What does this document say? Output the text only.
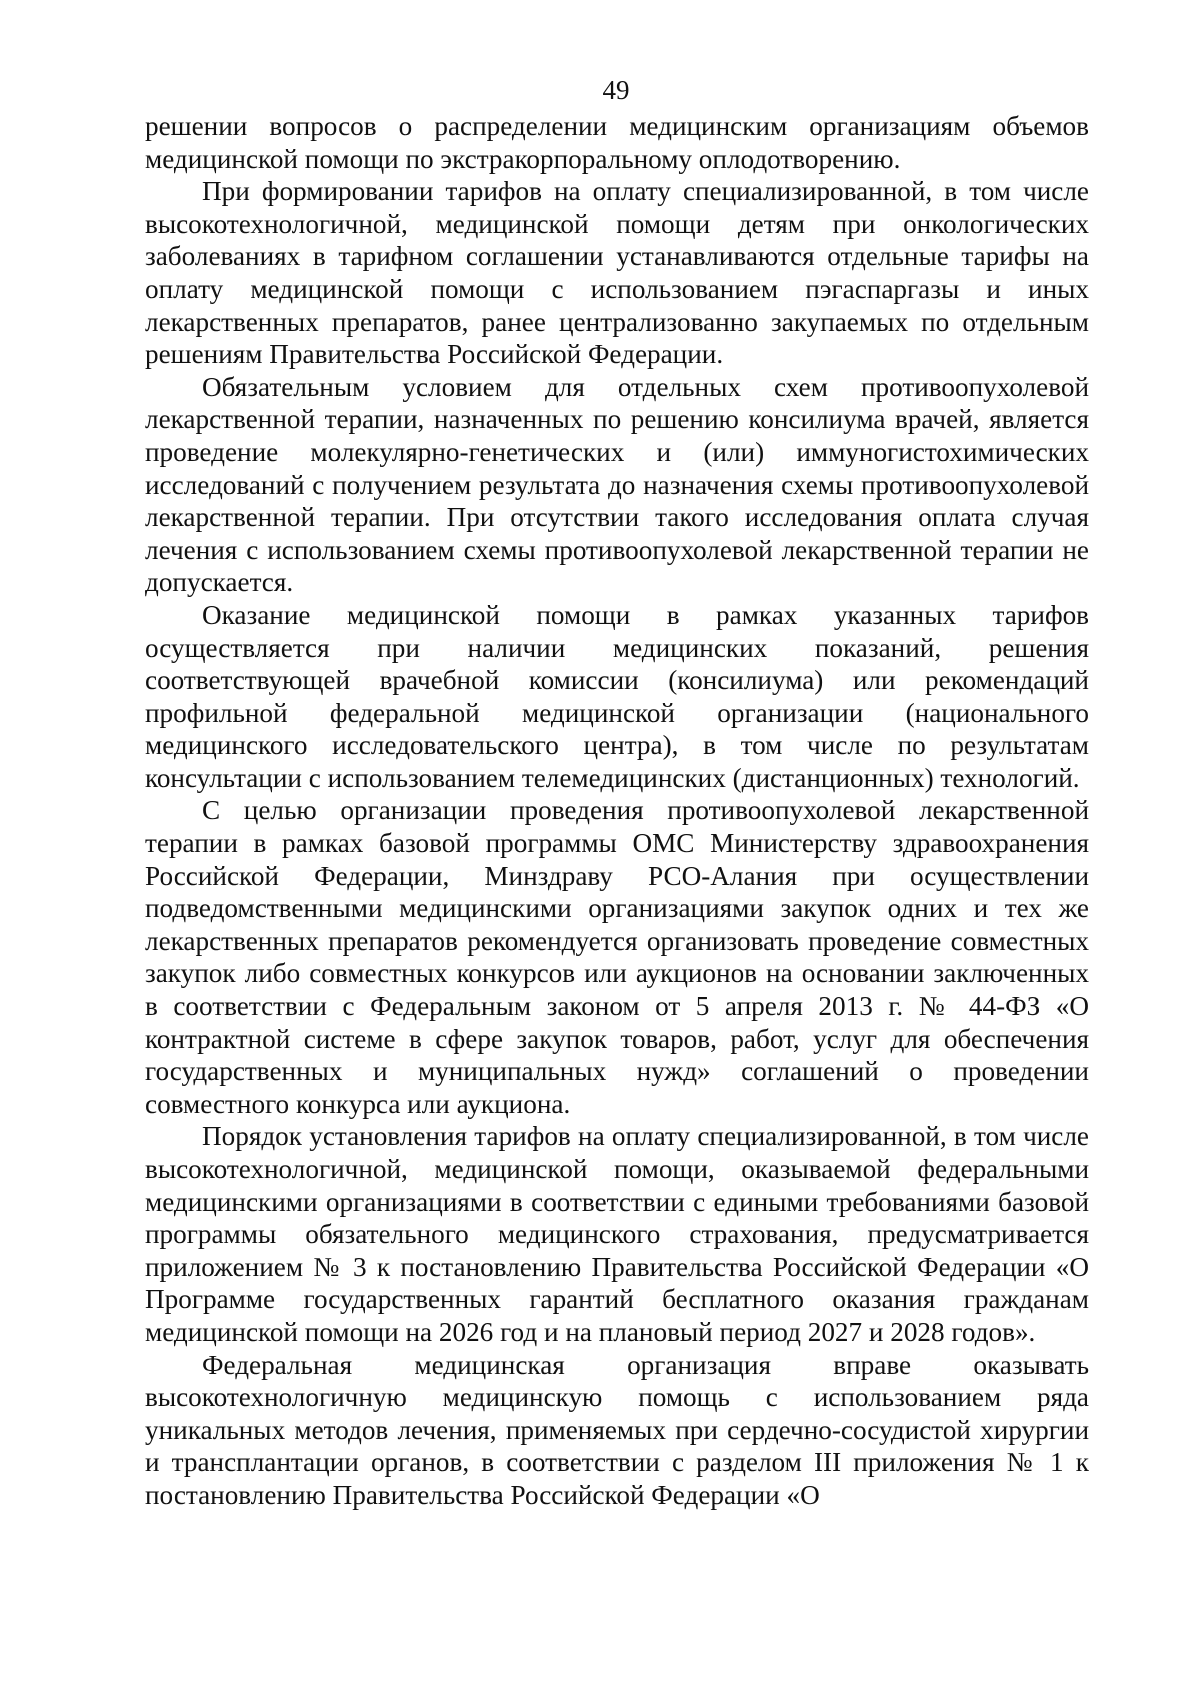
49

решении вопросов о распределении медицинским организациям объемов медицинской помощи по экстракорпоральному оплодотворению.

При формировании тарифов на оплату специализированной, в том числе высокотехнологичной, медицинской помощи детям при онкологических заболеваниях в тарифном соглашении устанавливаются отдельные тарифы на оплату медицинской помощи с использованием пэгаспаргазы и иных лекарственных препаратов, ранее централизованно закупаемых по отдельным решениям Правительства Российской Федерации.

Обязательным условием для отдельных схем противоопухолевой лекарственной терапии, назначенных по решению консилиума врачей, является проведение молекулярно-генетических и (или) иммуногистохимических исследований с получением результата до назначения схемы противоопухолевой лекарственной терапии. При отсутствии такого исследования оплата случая лечения с использованием схемы противоопухолевой лекарственной терапии не допускается.

Оказание медицинской помощи в рамках указанных тарифов осуществляется при наличии медицинских показаний, решения соответствующей врачебной комиссии (консилиума) или рекомендаций профильной федеральной медицинской организации (национального медицинского исследовательского центра), в том числе по результатам консультации с использованием телемедицинских (дистанционных) технологий.

С целью организации проведения противоопухолевой лекарственной терапии в рамках базовой программы ОМС Министерству здравоохранения Российской Федерации, Минздраву РСО-Алания при осуществлении подведомственными медицинскими организациями закупок одних и тех же лекарственных препаратов рекомендуется организовать проведение совместных закупок либо совместных конкурсов или аукционов на основании заключенных в соответствии с Федеральным законом от 5 апреля 2013 г. № 44-ФЗ «О контрактной системе в сфере закупок товаров, работ, услуг для обеспечения государственных и муниципальных нужд» соглашений о проведении совместного конкурса или аукциона.

Порядок установления тарифов на оплату специализированной, в том числе высокотехнологичной, медицинской помощи, оказываемой федеральными медицинскими организациями в соответствии с едиными требованиями базовой программы обязательного медицинского страхования, предусматривается приложением № 3 к постановлению Правительства Российской Федерации «О Программе государственных гарантий бесплатного оказания гражданам медицинской помощи на 2026 год и на плановый период 2027 и 2028 годов».

Федеральная медицинская организация вправе оказывать высокотехнологичную медицинскую помощь с использованием ряда уникальных методов лечения, применяемых при сердечно-сосудистой хирургии и трансплантации органов, в соответствии с разделом III приложения № 1 к постановлению Правительства Российской Федерации «О
